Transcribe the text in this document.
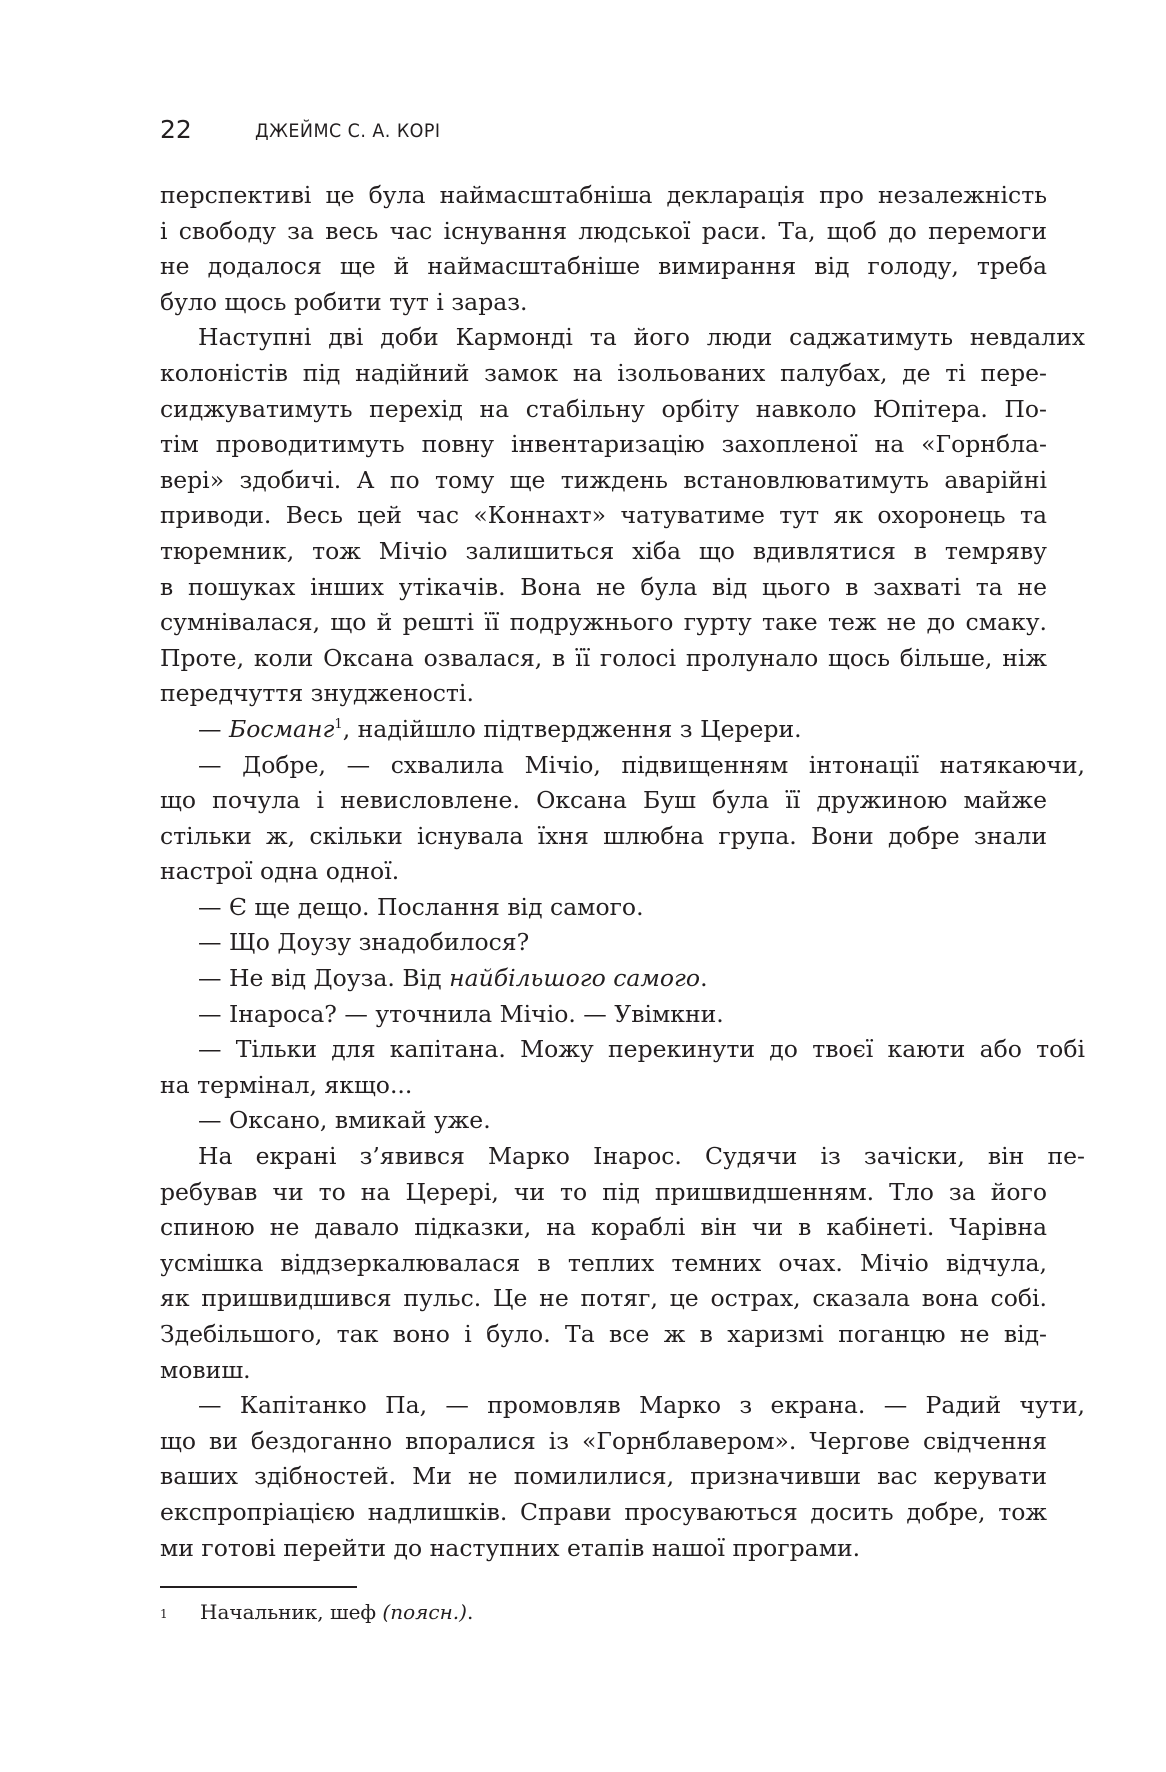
22	ДЖЕЙМС С. А. КОРІ
перспективі це була наймасштабніша декларація про незалежність
і свободу за весь час існування людської раси. Та, щоб до перемоги
не додалося ще й наймасштабніше вимирання від голоду, треба
було щось робити тут і зараз.
Наступні дві доби Кармонді та його люди саджатимуть невдалих
колоністів під надійний замок на ізольованих палубах, де ті пере-
сиджуватимуть перехід на стабільну орбіту навколо Юпітера. По-
тім проводитимуть повну інвентаризацію захопленої на «Горнбла-
вері» здобичі. А по тому ще тиждень встановлюватимуть аварійні
приводи. Весь цей час «Коннахт» чатуватиме тут як охоронець та
тюремник, тож Мічіо залишиться хіба що вдивлятися в темряву
в пошуках інших утікачів. Вона не була від цього в захваті та не
сумнівалася, що й решті її подружнього гурту таке теж не до смаку.
Проте, коли Оксана озвалася, в її голосі пролунало щось більше, ніж
передчуття знудженості.
— Босманг$^1$, надійшло підтвердження з Церери.
— Добре, — схвалила Мічіо, підвищенням інтонації натякаючи,
що почула і невисловлене. Оксана Буш була її дружиною майже
стільки ж, скільки існувала їхня шлюбна група. Вони добре знали
настрої одна одної.
— Є ще дещо. Послання від самого.
— Що Доузу знадобилося?
— Не від Доуза. Від найбільшого самого.
— Інароса? — уточнила Мічіо. — Увімкни.
— Тільки для капітана. Можу перекинути до твоєї каюти або тобі
на термінал, якщо...
— Оксано, вмикай уже.
На екрані з’явився Марко Інарос. Судячи із зачіски, він пе-
ребував чи то на Церері, чи то під пришвидшенням. Тло за його
спиною не давало підказки, на кораблі він чи в кабінеті. Чарівна
усмішка віддзеркалювалася в теплих темних очах. Мічіо відчула,
як пришвидшився пульс. Це не потяг, це острах, сказала вона собі.
Здебільшого, так воно і було. Та все ж в харизмі поганцю не від-
мовиш.
— Капітанко Па, — промовляв Марко з екрана. — Радий чути,
що ви бездоганно впоралися із «Горнблавером». Чергове свідчення
ваших здібностей. Ми не помилилися, призначивши вас керувати
експропріацією надлишків. Справи просуваються досить добре, тож
ми готові перейти до наступних етапів нашої програми.
1 Начальник, шеф (поясн.).
